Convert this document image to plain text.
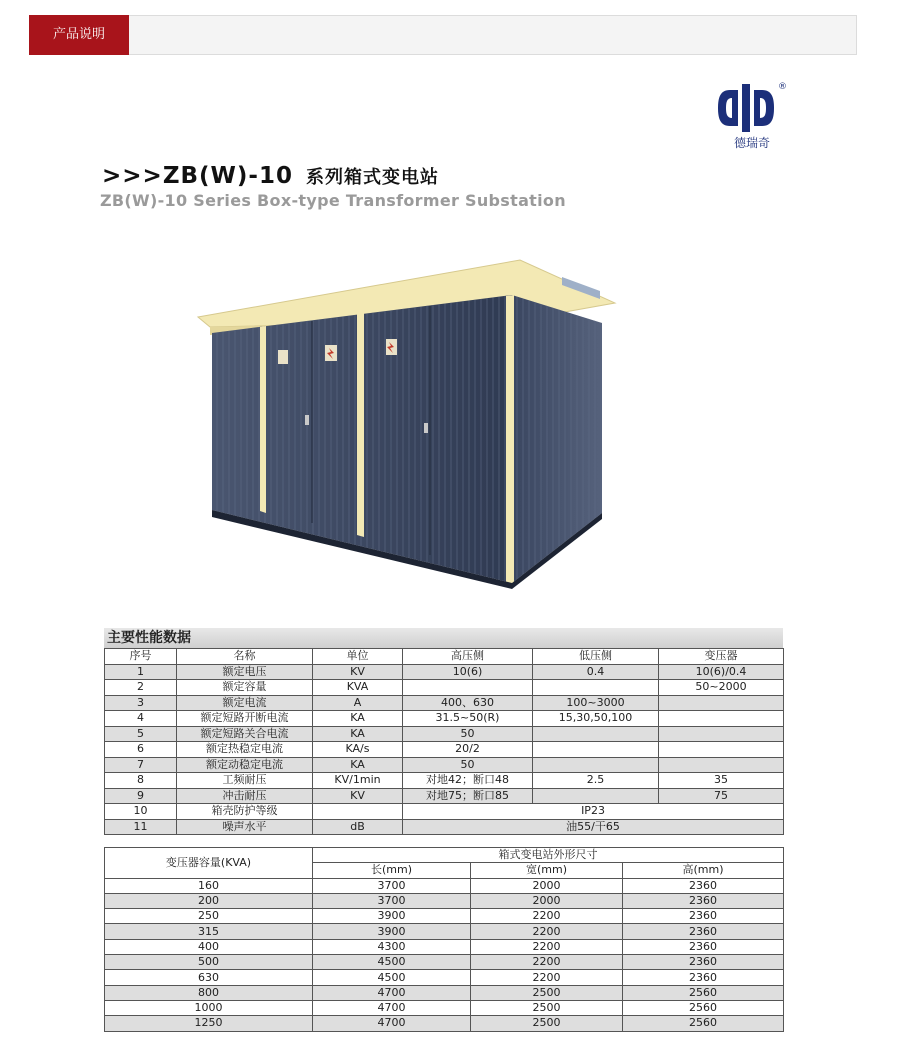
产品说明
®
德瑞奇
>>>ZB(W)-10 系列箱式变电站
ZB(W)-10 Series Box-type Transformer Substation
主要性能数据
序号	名称	单位	高压侧	低压侧	变压器
1	额定电压	KV	10(6)	0.4	10(6)/0.4
2	额定容量	KVA			50~2000
3	额定电流	A	400、630	100~3000	
4	额定短路开断电流	KA	31.5~50(R)	15,30,50,100	
5	额定短路关合电流	KA	50		
6	额定热稳定电流	KA/s	20/2		
7	额定动稳定电流	KA	50		
8	工频耐压	KV/1min	对地42；断口48	2.5	35
9	冲击耐压	KV	对地75；断口85		75
10	箱壳防护等级		IP23		
11	噪声水平	dB	油55/干65		
变压器容量(KVA)	箱式变电站外形尺寸		
	长(mm)	宽(mm)	高(mm)
160	3700	2000	2360
200	3700	2000	2360
250	3900	2200	2360
315	3900	2200	2360
400	4300	2200	2360
500	4500	2200	2360
630	4500	2200	2360
800	4700	2500	2560
1000	4700	2500	2560
1250	4700	2500	2560
